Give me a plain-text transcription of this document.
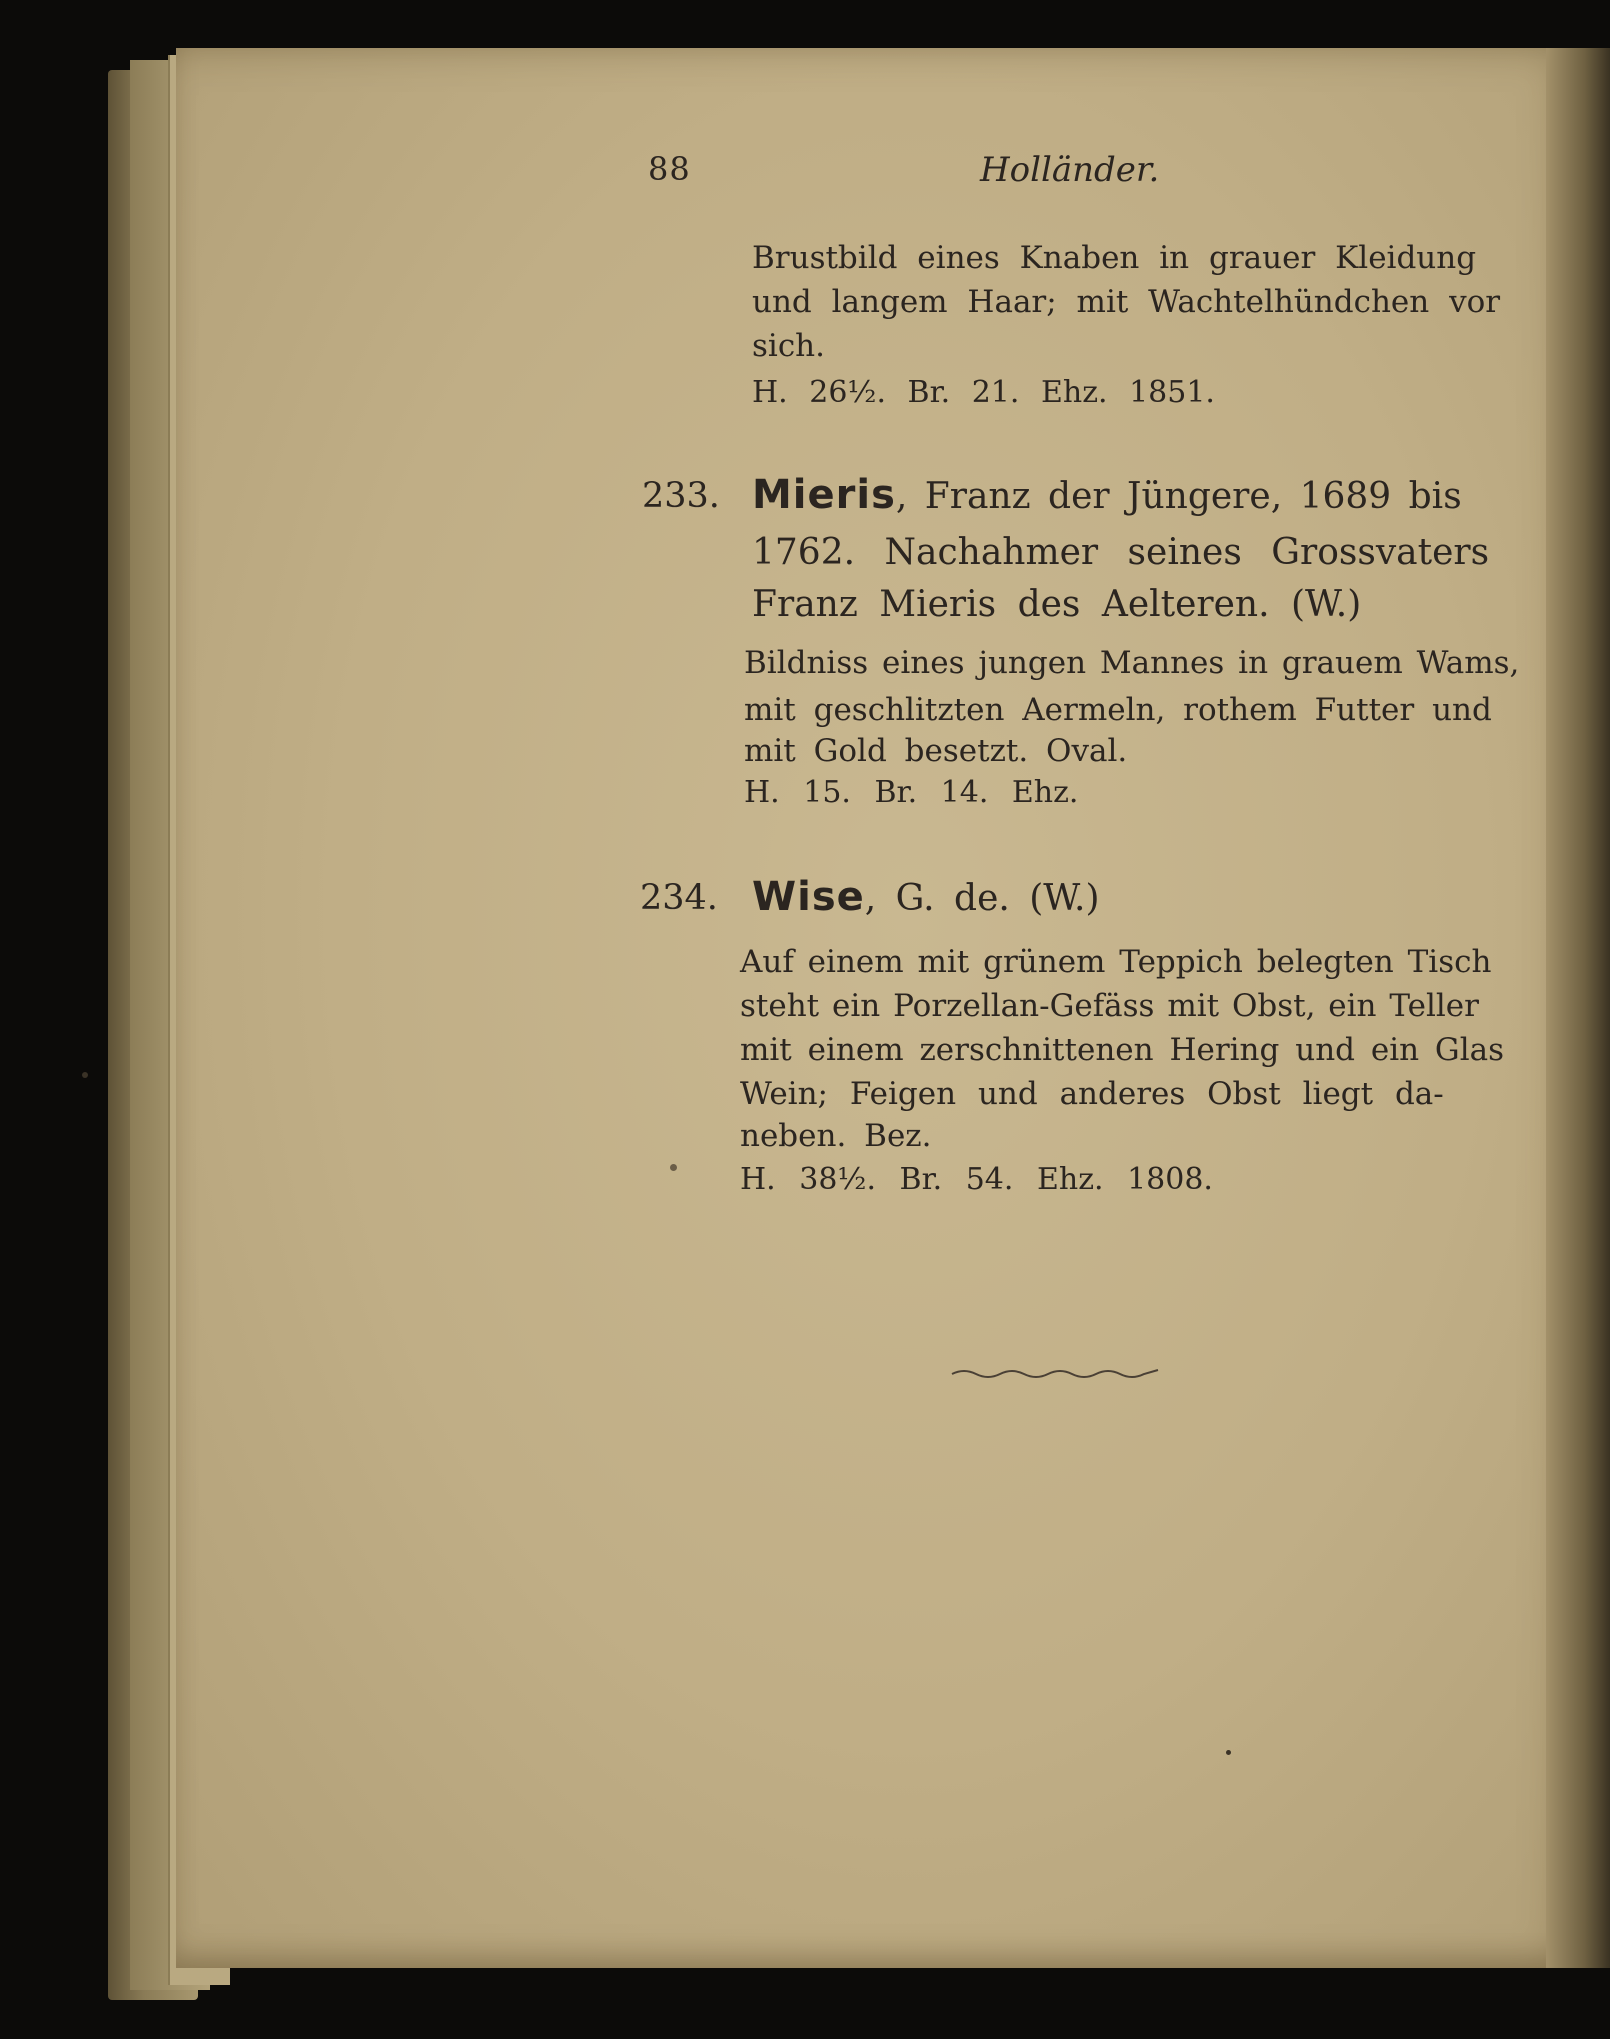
88	Holländer.
Brustbild eines Knaben in grauer Kleidung
und langem Haar; mit Wachtelhündchen vor
sich.
H. 26½. Br. 21. Ehz. 1851.
233. Mieris, Franz der Jüngere, 1689 bis
1762. Nachahmer seines Grossvaters
Franz Mieris des Aelteren. (W.)
Bildniss eines jungen Mannes in grauem Wams,
mit geschlitzten Aermeln, rothem Futter und
mit Gold besetzt. Oval.
H. 15. Br. 14. Ehz.
234. Wise, G. de. (W.)
Auf einem mit grünem Teppich belegten Tisch
steht ein Porzellan-Gefäss mit Obst, ein Teller
mit einem zerschnittenen Hering und ein Glas
Wein; Feigen und anderes Obst liegt da-
neben. Bez.
H. 38½. Br. 54. Ehz. 1808.
